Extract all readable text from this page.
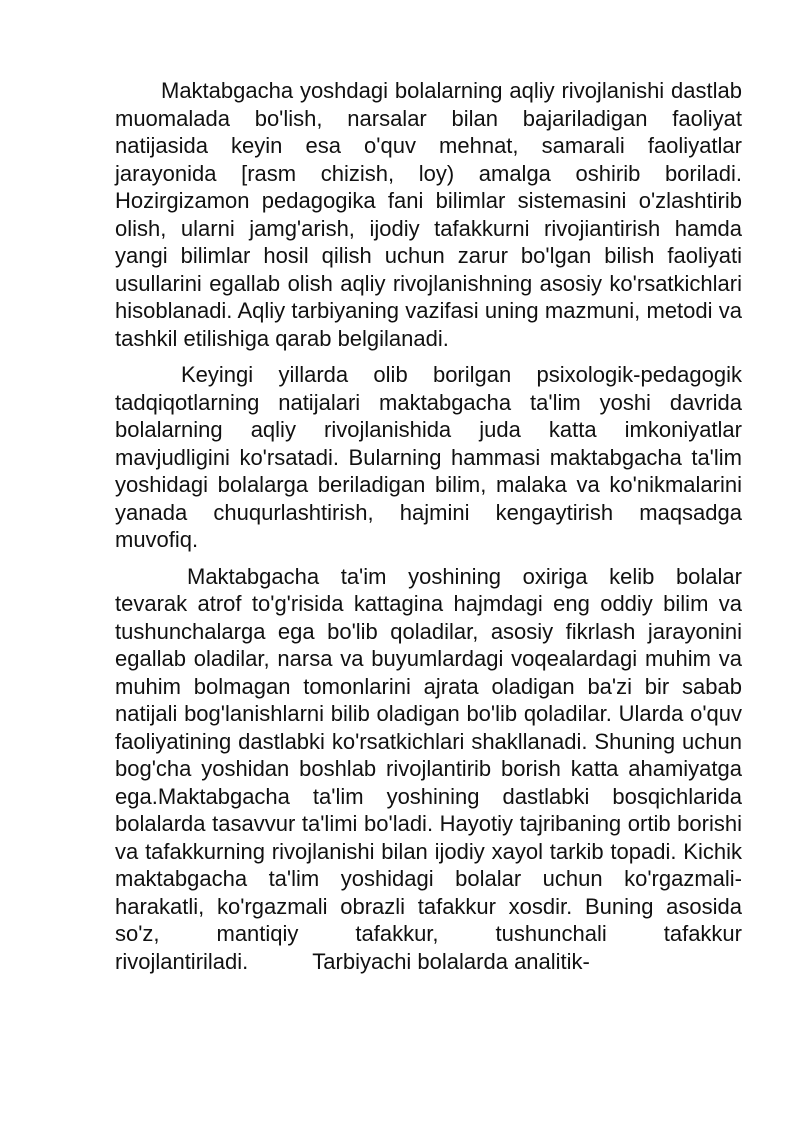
Maktabgacha yoshdagi bolalarning aqliy rivojlanishi dastlab muomalada bo'lish, narsalar bilan bajariladigan faoliyat natijasida keyin esa o'quv mehnat, samarali faoliyatlar jarayonida [rasm chizish, loy) amalga oshirib boriladi. Hozirgizamon pedagogika fani bilimlar sistemasini o'zlashtirib olish, ularni jamg'arish, ijodiy tafakkurni rivojiantirish hamda yangi bilimlar hosil qilish uchun zarur bo'lgan bilish faoliyati usullarini egallab olish aqliy rivojlanishning asosiy ko'rsatkichlari hisoblanadi. Aqliy tarbiyaning vazifasi uning mazmuni, metodi va tashkil etilishiga qarab belgilanadi.

Keyingi yillarda olib borilgan psixologik-pedagogik tadqiqotlarning natijalari maktabgacha ta'lim yoshi davrida bolalarning aqliy rivojlanishida juda katta imkoniyatlar mavjudligini ko'rsatadi. Bularning hammasi maktabgacha ta'lim yoshidagi bolalarga beriladigan bilim, malaka va ko'nikmalarini yanada chuqurlashtirish, hajmini kengaytirish maqsadga muvofiq.

Maktabgacha ta'im yoshining oxiriga kelib bolalar tevarak atrof to'g'risida kattagina hajmdagi eng oddiy bilim va tushunchalarga ega bo'lib qoladilar, asosiy fikrlash jarayonini egallab oladilar, narsa va buyumlardagi voqealardagi muhim va muhim bolmagan tomonlarini ajrata oladigan ba'zi bir sabab natijali bog'lanishlarni bilib oladigan bo'lib qoladilar. Ularda o'quv faoliyatining dastlabki ko'rsatkichlari shakllanadi. Shuning uchun bog'cha yoshidan boshlab rivojlantirib borish katta ahamiyatga ega.Maktabgacha ta'lim yoshining dastlabki bosqichlarida bolalarda tasavvur ta'limi bo'ladi. Hayotiy tajribaning ortib borishi va tafakkurning rivojlanishi bilan ijodiy xayol tarkib topadi. Kichik maktabgacha ta'lim yoshidagi bolalar uchun ko'rgazmali-harakatli, ko'rgazmali obrazli tafakkur xosdir. Buning asosida so'z, mantiqiy tafakkur, tushunchali tafakkur rivojlantiriladi.	Tarbiyachi bolalarda analitik-
